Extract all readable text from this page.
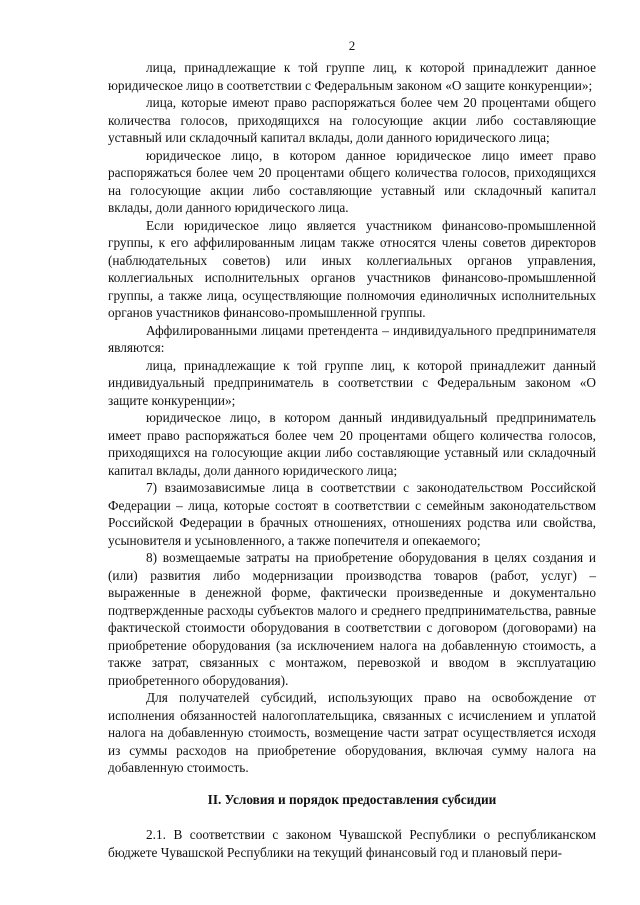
2

лица, принадлежащие к той группе лиц, к которой принадлежит данное юридическое лицо в соответствии с Федеральным законом «О защите конкуренции»;

лица, которые имеют право распоряжаться более чем 20 процентами общего количества голосов, приходящихся на голосующие акции либо составляющие уставный или складочный капитал вклады, доли данного юридического лица;

юридическое лицо, в котором данное юридическое лицо имеет право распоряжаться более чем 20 процентами общего количества голосов, приходящихся на голосующие акции либо составляющие уставный или складочный капитал вклады, доли данного юридического лица.

Если юридическое лицо является участником финансово-промышленной группы, к его аффилированным лицам также относятся члены советов директоров (наблюдательных советов) или иных коллегиальных органов управления, коллегиальных исполнительных органов участников финансово-промышленной группы, а также лица, осуществляющие полномочия единоличных исполнительных органов участников финансово-промышленной группы.

Аффилированными лицами претендента – индивидуального предпринимателя являются:

лица, принадлежащие к той группе лиц, к которой принадлежит данный индивидуальный предприниматель в соответствии с Федеральным законом «О защите конкуренции»;

юридическое лицо, в котором данный индивидуальный предприниматель имеет право распоряжаться более чем 20 процентами общего количества голосов, приходящихся на голосующие акции либо составляющие уставный или складочный капитал вклады, доли данного юридического лица;

7) взаимозависимые лица в соответствии с законодательством Российской Федерации – лица, которые состоят в соответствии с семейным законодательством Российской Федерации в брачных отношениях, отношениях родства или свойства, усыновителя и усыновленного, а также попечителя и опекаемого;

8) возмещаемые затраты на приобретение оборудования в целях создания и (или) развития либо модернизации производства товаров (работ, услуг) – выраженные в денежной форме, фактически произведенные и документально подтвержденные расходы субъектов малого и среднего предпринимательства, равные фактической стоимости оборудования в соответствии с договором (договорами) на приобретение оборудования (за исключением налога на добавленную стоимость, а также затрат, связанных с монтажом, перевозкой и вводом в эксплуатацию приобретенного оборудования).

Для получателей субсидий, использующих право на освобождение от исполнения обязанностей налогоплательщика, связанных с исчислением и уплатой налога на добавленную стоимость, возмещение части затрат осуществляется исходя из суммы расходов на приобретение оборудования, включая сумму налога на добавленную стоимость.

II. Условия и порядок предоставления субсидии

2.1. В соответствии с законом Чувашской Республики о республиканском бюджете Чувашской Республики на текущий финансовый год и плановый пери-
